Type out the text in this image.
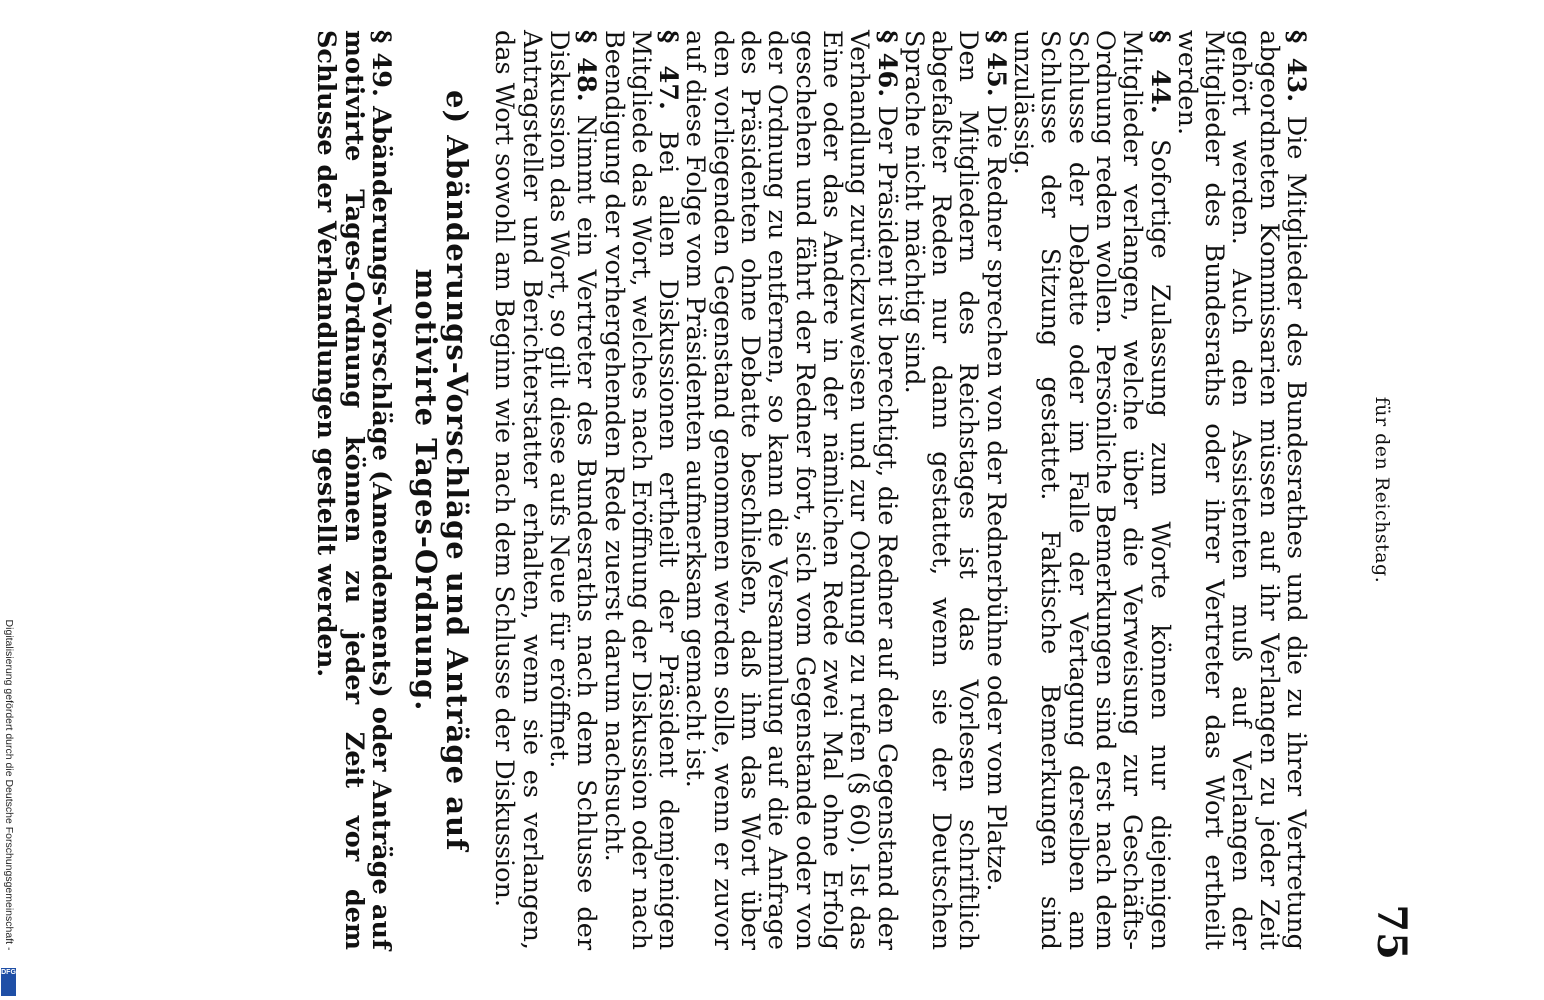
für den Reichstag.
75

§ 43. Die Mitglieder des Bundesrathes und die zu ihrer Vertretung abgeordneten Kommissarien müssen auf ihr Verlangen zu jeder Zeit gehört werden. Auch den Assistenten muß auf Verlangen der Mitglieder des Bundesraths oder ihrer Vertreter das Wort ertheilt werden.

§ 44. Sofortige Zulassung zum Worte können nur diejenigen Mitglieder verlangen, welche über die Verweisung zur Geschäfts-Ordnung reden wollen. Persönliche Bemerkungen sind erst nach dem Schlusse der Debatte oder im Falle der Vertagung derselben am Schlusse der Sitzung gestattet. Faktische Bemerkungen sind unzulässig.

§ 45. Die Redner sprechen von der Rednerbühne oder vom Platze.

Den Mitgliedern des Reichstages ist das Vorlesen schriftlich abgefaßter Reden nur dann gestattet, wenn sie der Deutschen Sprache nicht mächtig sind.

§ 46. Der Präsident ist berechtigt, die Redner auf den Gegenstand der Verhandlung zurückzuweisen und zur Ordnung zu rufen (§ 60). Ist das Eine oder das Andere in der nämlichen Rede zwei Mal ohne Erfolg geschehen und fährt der Redner fort, sich vom Gegenstande oder von der Ordnung zu entfernen, so kann die Versammlung auf die Anfrage des Präsidenten ohne Debatte beschließen, daß ihm das Wort über den vorliegenden Gegenstand genommen werden solle, wenn er zuvor auf diese Folge vom Präsidenten aufmerksam gemacht ist.

§ 47. Bei allen Diskussionen ertheilt der Präsident demjenigen Mitgliede das Wort, welches nach Eröffnung der Diskussion oder nach Beendigung der vorhergehenden Rede zuerst darum nachsucht.

§ 48. Nimmt ein Vertreter des Bundesraths nach dem Schlusse der Diskussion das Wort, so gilt diese aufs Neue für eröffnet.

Antragsteller und Berichterstatter erhalten, wenn sie es verlangen, das Wort sowohl am Beginn wie nach dem Schlusse der Diskussion.

e) Abänderungs-Vorschläge und Anträge auf
motivirte Tages-Ordnung.

§ 49. Abänderungs-Vorschläge (Amendements) oder Anträge auf motivirte Tages-Ordnung können zu jeder Zeit vor dem Schlusse der Verhandlungen gestellt werden.

Digitalisierung gefördert durch die Deutsche Forschungsgemeinschaft -
DFG
